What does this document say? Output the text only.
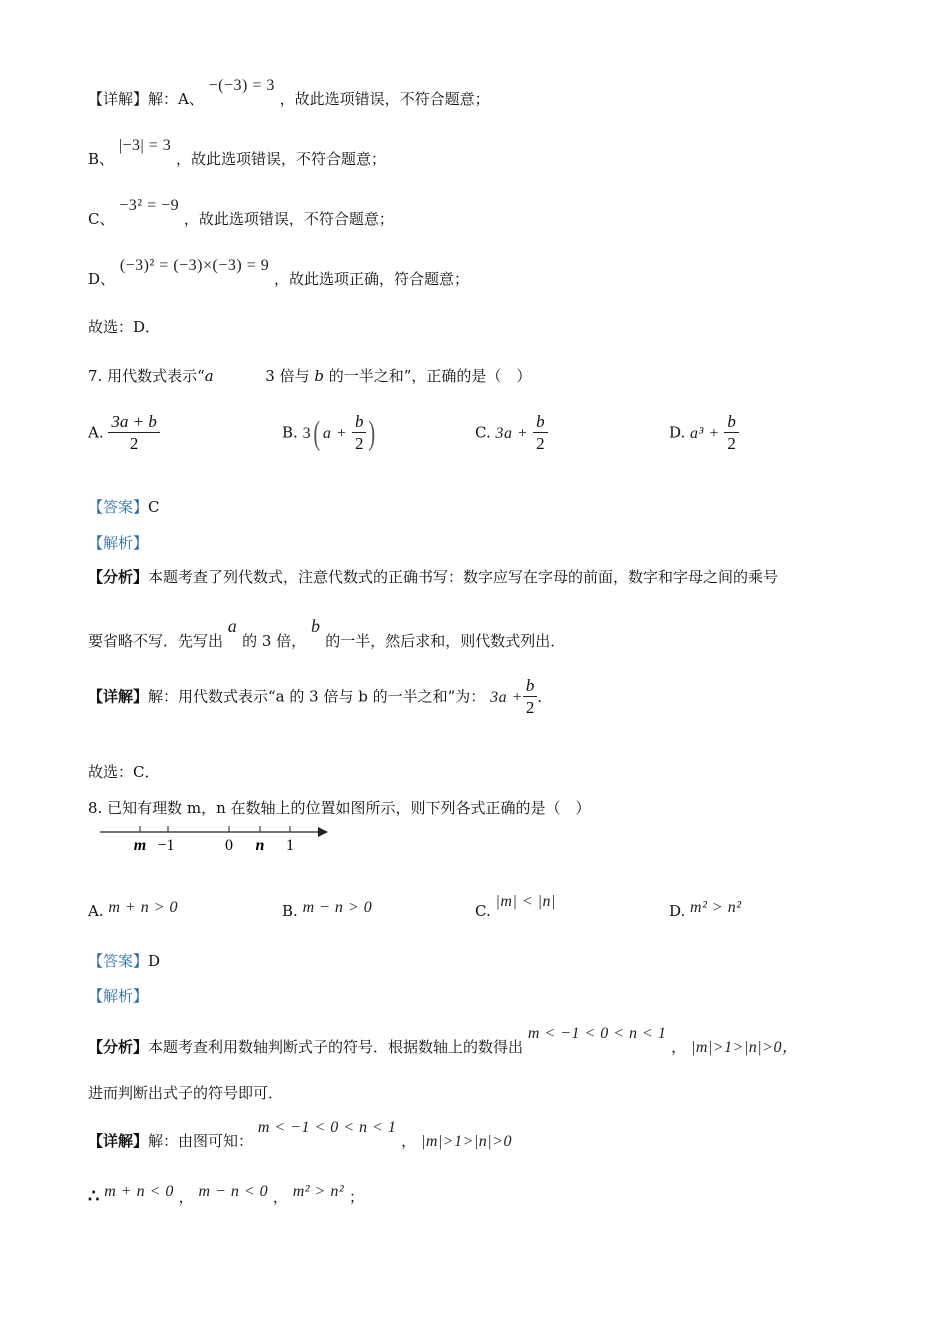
【详解】解：A、 −(−3) = 3 ，故此选项错误，不符合题意；
B、 |−3| = 3 ，故此选项错误，不符合题意；
C、 −3² = −9 ，故此选项错误，不符合题意；
D、 (−3)² = (−3)×(−3) = 9 ，故此选项正确，符合题意；
故选：D．
7. 用代数式表示“a	3 倍与 b 的一半之和”，正确的是（　）
A. $\frac{3a + b}{2}$	B. 3( $a + \frac{b}{2}$ )	C. $3a + \frac{b}{2}$	D. $a^3 + \frac{b}{2}$
【答案】C
【解析】
【分析】本题考查了列代数式，注意代数式的正确书写：数字应写在字母的前面，数字和字母之间的乘号
要省略不写．先写出 a 的 3 倍， b 的一半，然后求和，则代数式列出．
【详解】解：用代数式表示“a 的 3 倍与 b 的一半之和”为： $3a + \frac{b}{2}$ ．
故选：C．
8. 已知有理数 m，n 在数轴上的位置如图所示，则下列各式正确的是（　）
m −1	0 n 1
A. m + n > 0	B. m − n > 0	C. |m| < |n|
D. m² > n²
【答案】D
【解析】
【分析】本题考查利用数轴判断式子的符号．根据数轴上的数得出 m < −1 < 0 < n < 1 ， |m|>1>|n|>0，
进而判断出式子的符号即可．
【详解】解：由图可知： m < −1 < 0 < n < 1 ， |m|>1>|n|>0
∴ m + n < 0 ， m − n < 0 ， m² > n² ；
